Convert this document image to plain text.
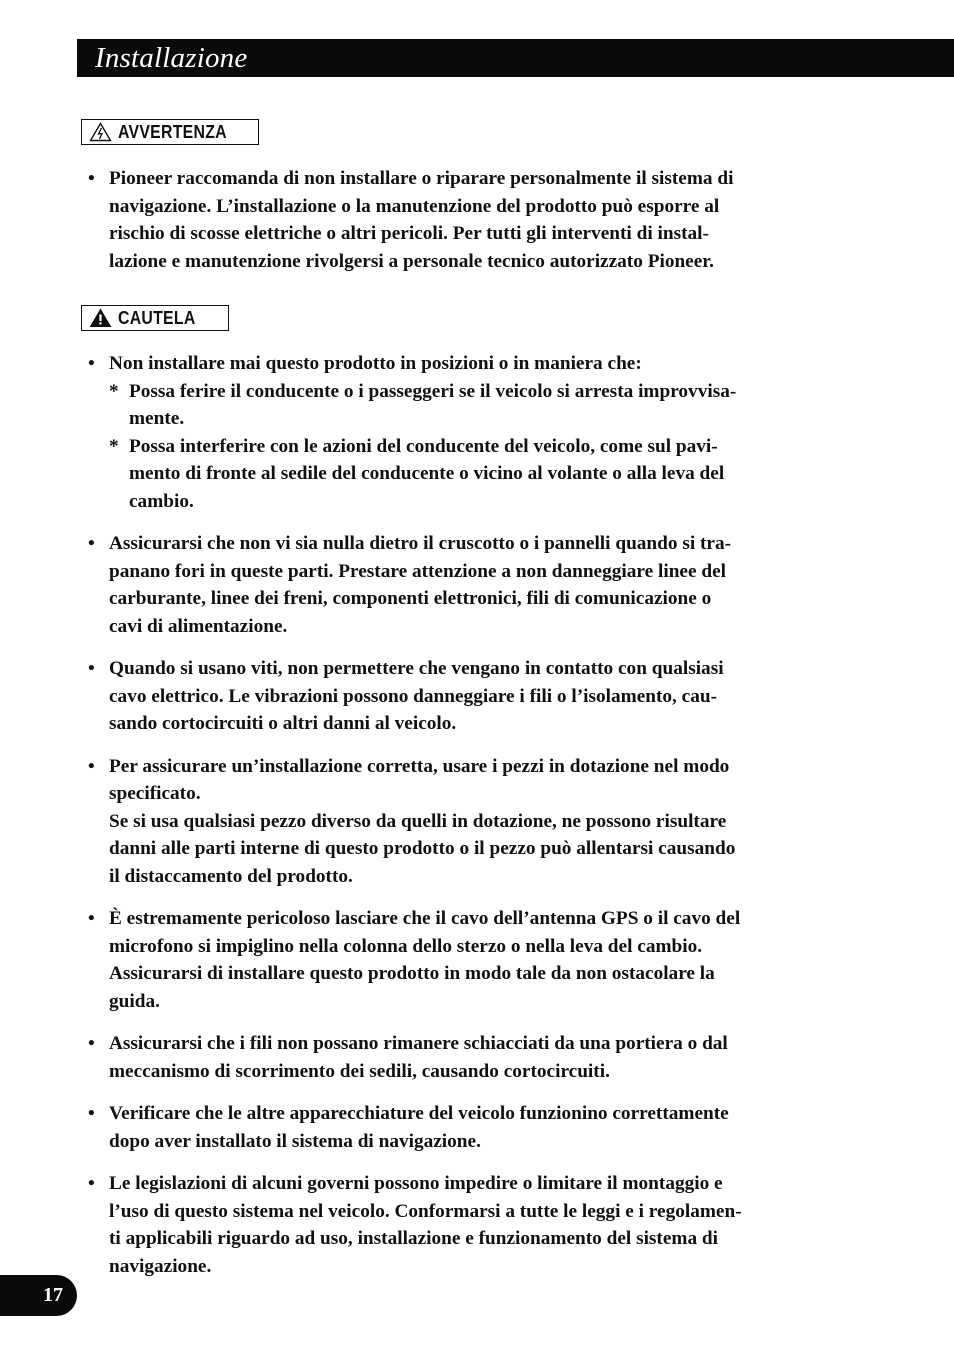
Installazione
AVVERTENZA
• Pioneer raccomanda di non installare o riparare personalmente il sistema di
navigazione. L’installazione o la manutenzione del prodotto può esporre al
rischio di scosse elettriche o altri pericoli. Per tutti gli interventi di instal-
lazione e manutenzione rivolgersi a personale tecnico autorizzato Pioneer.
CAUTELA
• Non installare mai questo prodotto in posizioni o in maniera che:
* Possa ferire il conducente o i passeggeri se il veicolo si arresta improvvisa-
mente.
* Possa interferire con le azioni del conducente del veicolo, come sul pavi-
mento di fronte al sedile del conducente o vicino al volante o alla leva del
cambio.
• Assicurarsi che non vi sia nulla dietro il cruscotto o i pannelli quando si tra-
panano fori in queste parti. Prestare attenzione a non danneggiare linee del
carburante, linee dei freni, componenti elettronici, fili di comunicazione o
cavi di alimentazione.
• Quando si usano viti, non permettere che vengano in contatto con qualsiasi
cavo elettrico. Le vibrazioni possono danneggiare i fili o l’isolamento, cau-
sando cortocircuiti o altri danni al veicolo.
• Per assicurare un’installazione corretta, usare i pezzi in dotazione nel modo
specificato.
Se si usa qualsiasi pezzo diverso da quelli in dotazione, ne possono risultare
danni alle parti interne di questo prodotto o il pezzo può allentarsi causando
il distaccamento del prodotto.
• È estremamente pericoloso lasciare che il cavo dell’antenna GPS o il cavo del
microfono si impiglino nella colonna dello sterzo o nella leva del cambio.
Assicurarsi di installare questo prodotto in modo tale da non ostacolare la
guida.
• Assicurarsi che i fili non possano rimanere schiacciati da una portiera o dal
meccanismo di scorrimento dei sedili, causando cortocircuiti.
• Verificare che le altre apparecchiature del veicolo funzionino correttamente
dopo aver installato il sistema di navigazione.
• Le legislazioni di alcuni governi possono impedire o limitare il montaggio e
l’uso di questo sistema nel veicolo. Conformarsi a tutte le leggi e i regolamen-
ti applicabili riguardo ad uso, installazione e funzionamento del sistema di
navigazione.
17
